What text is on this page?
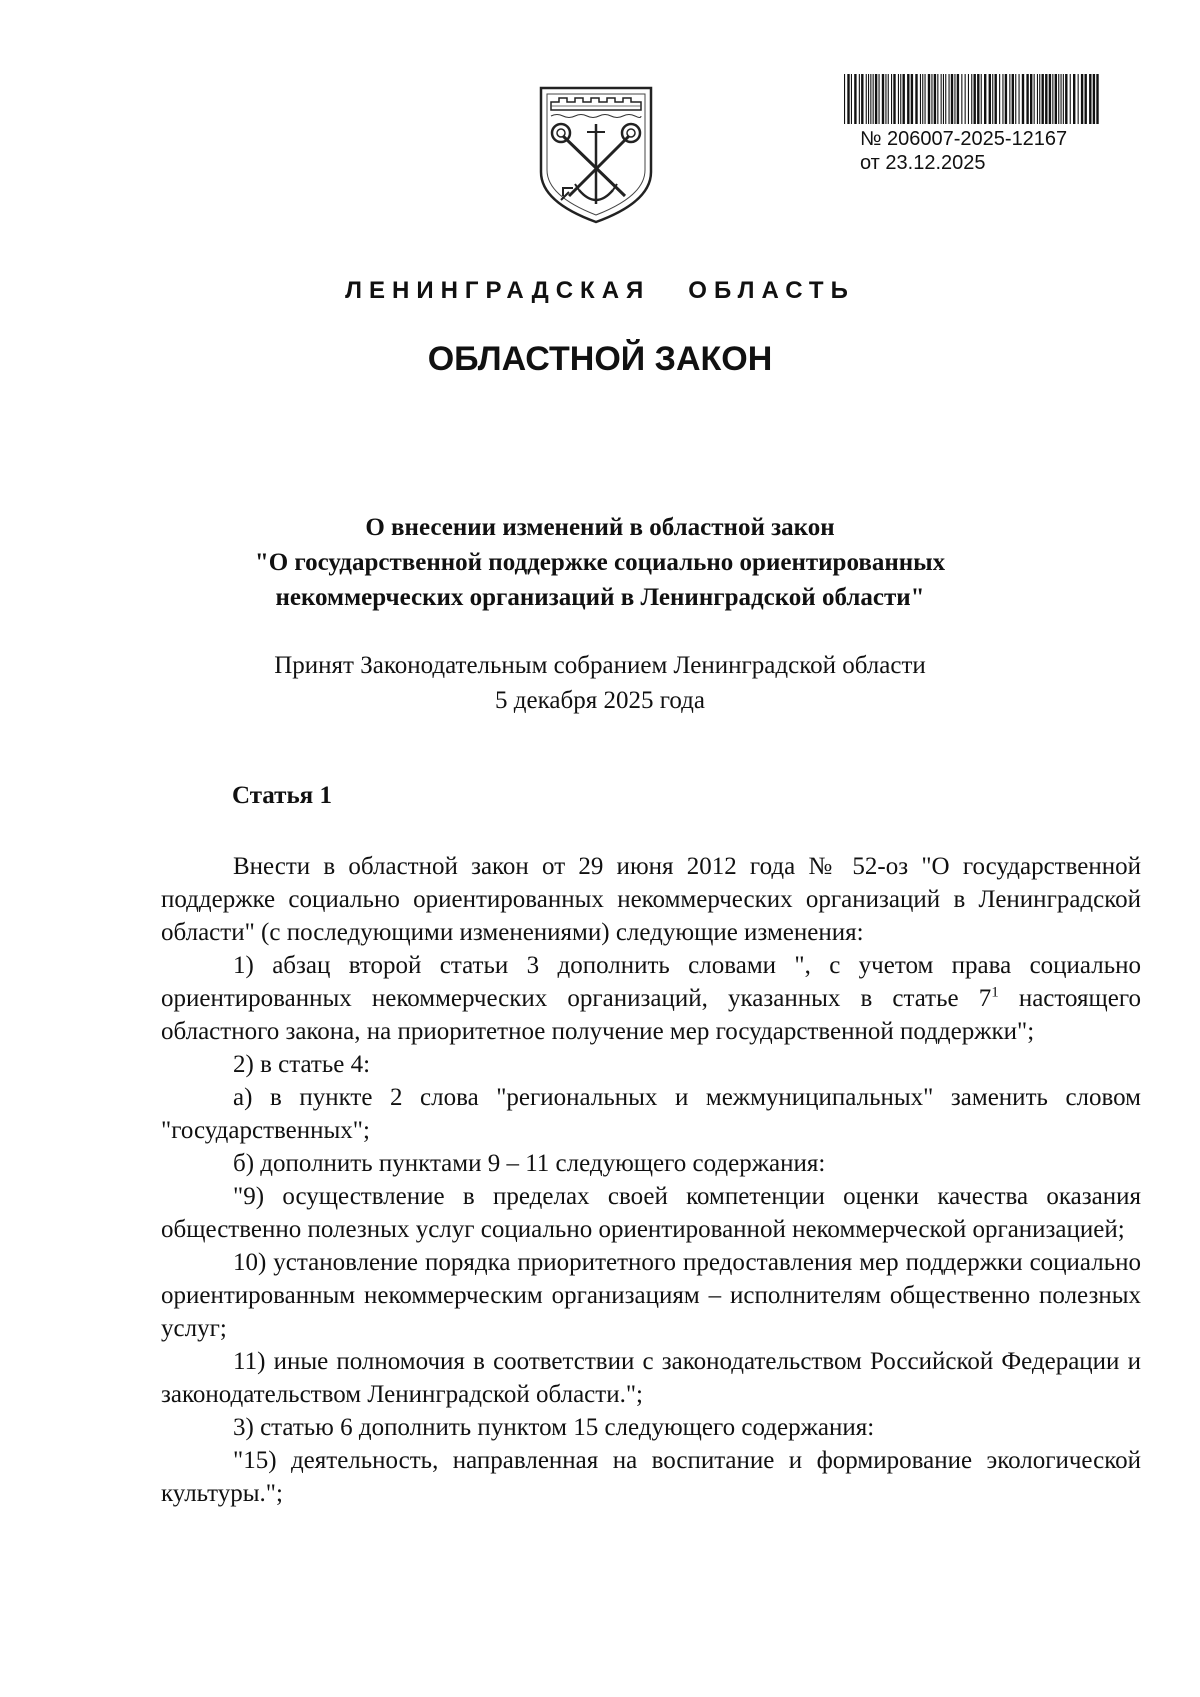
№ 206007-2025-12167
от 23.12.2025
ЛЕНИНГРАДСКАЯ ОБЛАСТЬ
ОБЛАСТНОЙ ЗАКОН
О внесении изменений в областной закон
"О государственной поддержке социально ориентированных
некоммерческих организаций в Ленинградской области"
Принят Законодательным собранием Ленинградской области
5 декабря 2025 года
Статья 1

Внести в областной закон от 29 июня 2012 года № 52-оз "О государственной поддержке социально ориентированных некоммерческих организаций в Ленинградской области" (с последующими изменениями) следующие изменения:

1) абзац второй статьи 3 дополнить словами ", с учетом права социально ориентированных некоммерческих организаций, указанных в статье $7^1$ настоящего областного закона, на приоритетное получение мер государственной поддержки";

2) в статье 4:

а) в пункте 2 слова "региональных и межмуниципальных" заменить словом "государственных";

б) дополнить пунктами 9 – 11 следующего содержания:

"9) осуществление в пределах своей компетенции оценки качества оказания общественно полезных услуг социально ориентированной некоммерческой организацией;

10) установление порядка приоритетного предоставления мер поддержки социально ориентированным некоммерческим организациям – исполнителям общественно полезных услуг;

11) иные полномочия в соответствии с законодательством Российской Федерации и законодательством Ленинградской области.";

3) статью 6 дополнить пунктом 15 следующего содержания:

"15) деятельность, направленная на воспитание и формирование экологической культуры.";
